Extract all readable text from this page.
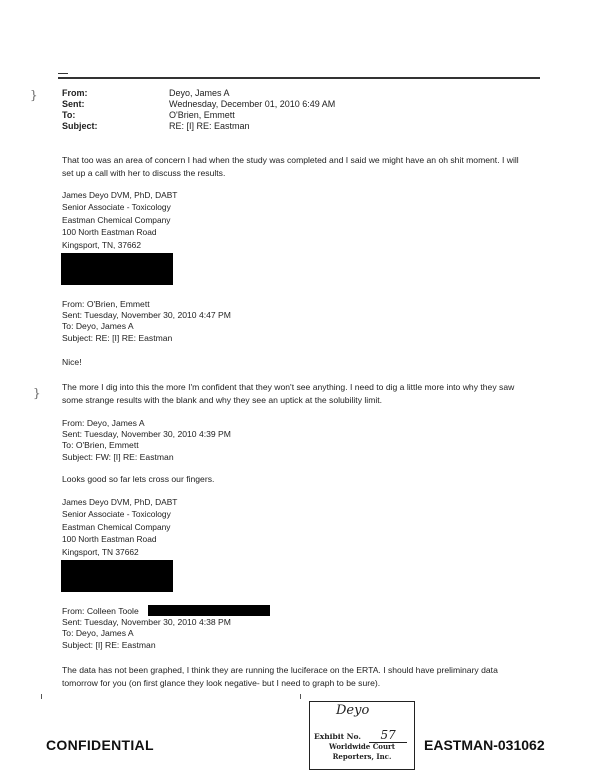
}
}
From:
Sent:
To:
Subject:
Deyo, James A
Wednesday, December 01, 2010 6:49 AM
O'Brien, Emmett
RE: [I] RE: Eastman
That too was an area of concern I had when the study was completed and I said we might have an oh shit moment. I will
set up a call with her to discuss the results.
James Deyo DVM, PhD, DABT
Senior Associate - Toxicology
Eastman Chemical Company
100 North Eastman Road
Kingsport, TN, 37662
From: O'Brien, Emmett
Sent: Tuesday, November 30, 2010 4:47 PM
To: Deyo, James A
Subject: RE: [I] RE: Eastman
Nice!
The more I dig into this the more I'm confident that they won't see anything. I need to dig a little more into why they saw
some strange results with the blank and why they see an uptick at the solubility limit.
From: Deyo, James A
Sent: Tuesday, November 30, 2010 4:39 PM
To: O'Brien, Emmett
Subject: FW: [I] RE: Eastman
Looks good so far lets cross our fingers.
James Deyo DVM, PhD, DABT
Senior Associate - Toxicology
Eastman Chemical Company
100 North Eastman Road
Kingsport, TN 37662
From: Colleen Toole
Sent: Tuesday, November 30, 2010 4:38 PM
To: Deyo, James A
Subject: [I] RE: Eastman
The data has not been graphed, I think they are running the luciferace on the ERTA. I should have preliminary data
tomorrow for you (on first glance they look negative- but I need to graph to be sure).
CONFIDENTIAL	EASTMAN-031062
Deyo
Exhibit No. 57
Worldwide Court
Reporters, Inc.
